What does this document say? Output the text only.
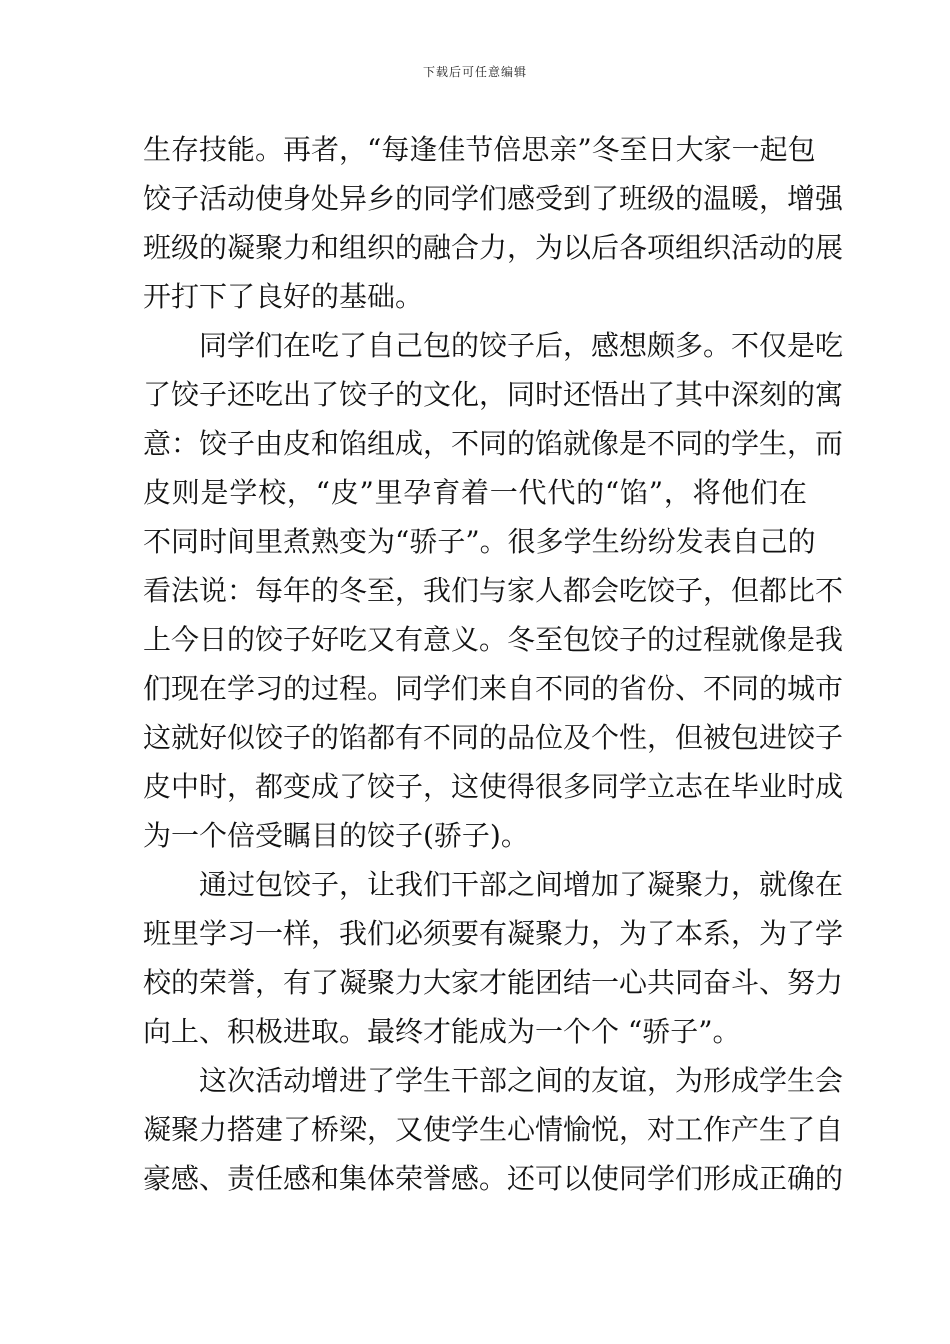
下载后可任意编辑
生存技能。再者，“每逢佳节倍思亲”冬至日大家一起包
饺子活动使身处异乡的同学们感受到了班级的温暖，增强
班级的凝聚力和组织的融合力，为以后各项组织活动的展
开打下了良好的基础。
同学们在吃了自己包的饺子后，感想颇多。不仅是吃
了饺子还吃出了饺子的文化，同时还悟出了其中深刻的寓
意：饺子由皮和馅组成，不同的馅就像是不同的学生，而
皮则是学校，“皮”里孕育着一代代的“馅”，将他们在
不同时间里煮熟变为“骄子”。很多学生纷纷发表自己的
看法说：每年的冬至，我们与家人都会吃饺子，但都比不
上今日的饺子好吃又有意义。冬至包饺子的过程就像是我
们现在学习的过程。同学们来自不同的省份、不同的城市
这就好似饺子的馅都有不同的品位及个性，但被包进饺子
皮中时，都变成了饺子，这使得很多同学立志在毕业时成
为一个倍受瞩目的饺子(骄子)。
通过包饺子，让我们干部之间增加了凝聚力，就像在
班里学习一样，我们必须要有凝聚力，为了本系，为了学
校的荣誉，有了凝聚力大家才能团结一心共同奋斗、努力
向上、积极进取。最终才能成为一个个 “骄子”。
这次活动增进了学生干部之间的友谊，为形成学生会
凝聚力搭建了桥梁，又使学生心情愉悦，对工作产生了自
豪感、责任感和集体荣誉感。还可以使同学们形成正确的
